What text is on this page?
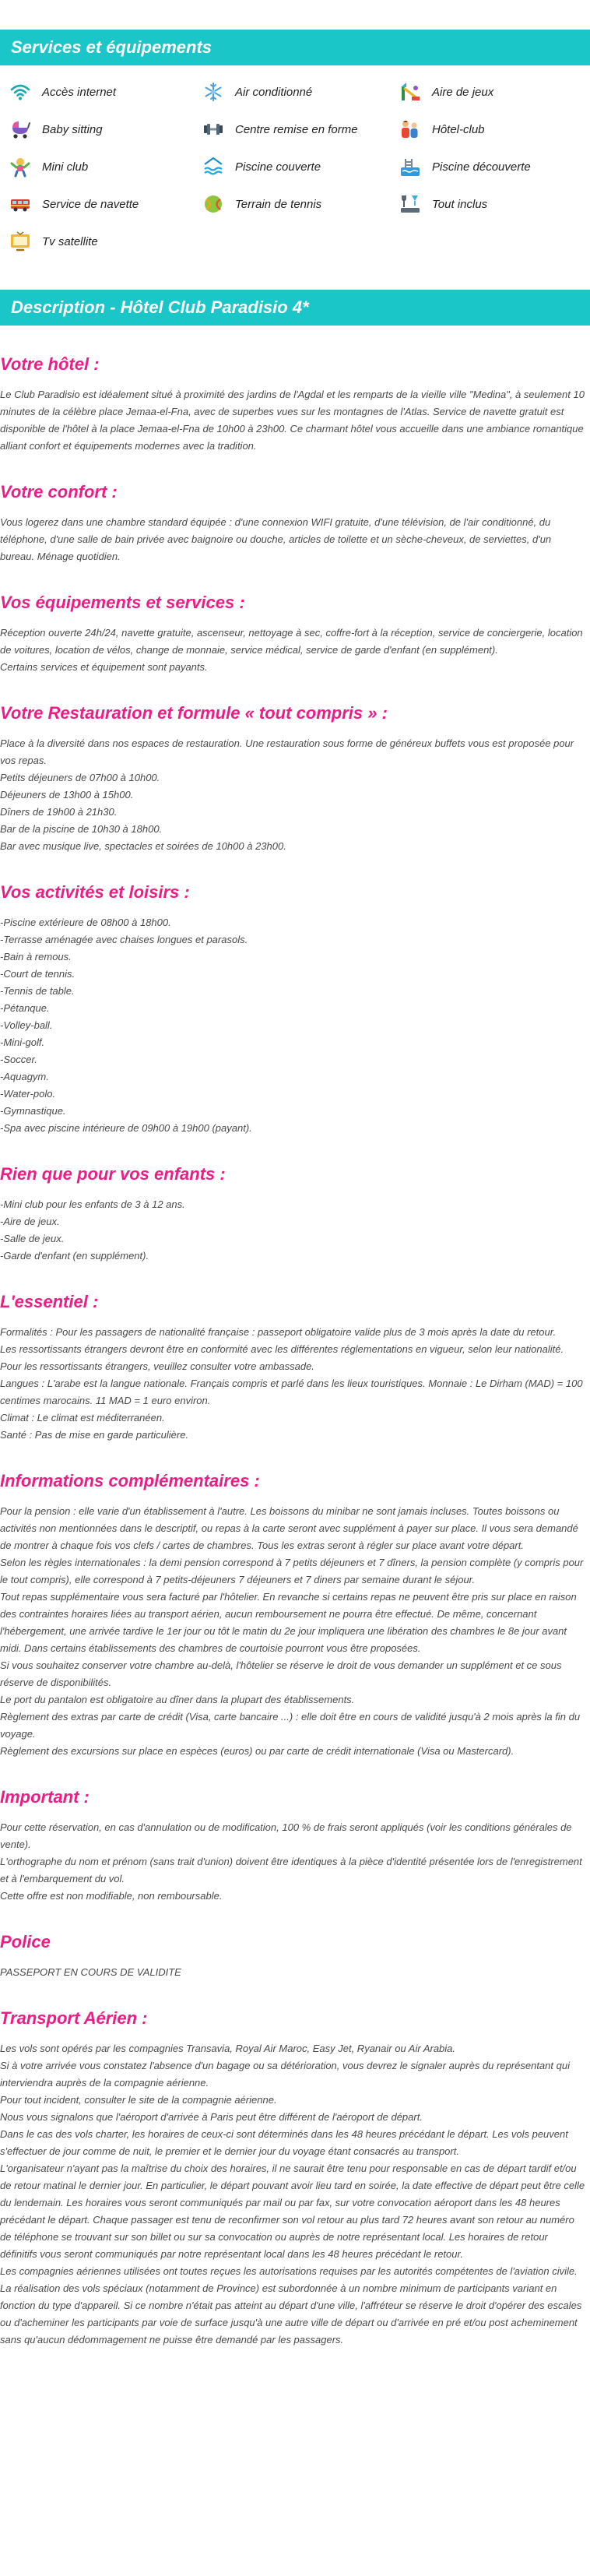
Services et équipements
Accès internet	Air conditionné	Aire de jeux
Baby sitting	Centre remise en forme	Hôtel-club
Mini club	Piscine couverte	Piscine découverte
Service de navette	Terrain de tennis	Tout inclus
Tv satellite
Description - Hôtel Club Paradisio 4*
Votre hôtel :
Le Club Paradisio est idéalement situé à proximité des jardins de l'Agdal et les remparts de la vieille ville "Medina", à seulement 10 minutes de la célèbre place Jemaa-el-Fna, avec de superbes vues sur les montagnes de l'Atlas. Service de navette gratuit est disponible de l'hôtel à la place Jemaa-el-Fna de 10h00 à 23h00. Ce charmant hôtel vous accueille dans une ambiance romantique alliant confort et équipements modernes avec la tradition.
Votre confort :
Vous logerez dans une chambre standard équipée : d'une connexion WIFI gratuite, d'une télévision, de l'air conditionné, du téléphone, d'une salle de bain privée avec baignoire ou douche, articles de toilette et un sèche-cheveux, de serviettes, d'un bureau. Ménage quotidien.
Vos équipements et services :
Réception ouverte 24h/24, navette gratuite, ascenseur, nettoyage à sec, coffre-fort à la réception, service de conciergerie, location de voitures, location de vélos, change de monnaie, service médical, service de garde d'enfant (en supplément).
Certains services et équipement sont payants.
Votre Restauration et formule « tout compris » :
Place à la diversité dans nos espaces de restauration. Une restauration sous forme de généreux buffets vous est proposée pour vos repas.
Petits déjeuners de 07h00 à 10h00.
Déjeuners de 13h00 à 15h00.
Dîners de 19h00 à 21h30.
Bar de la piscine de 10h30 à 18h00.
Bar avec musique live, spectacles et soirées de 10h00 à 23h00.
Vos activités et loisirs :
-Piscine extérieure de 08h00 à 18h00.
-Terrasse aménagée avec chaises longues et parasols.
-Bain à remous.
-Court de tennis.
-Tennis de table.
-Pétanque.
-Volley-ball.
-Mini-golf.
-Soccer.
-Aquagym.
-Water-polo.
-Gymnastique.
-Spa avec piscine intérieure de 09h00 à 19h00 (payant).
Rien que pour vos enfants :
-Mini club pour les enfants de 3 à 12 ans.
-Aire de jeux.
-Salle de jeux.
-Garde d'enfant (en supplément).
L'essentiel :
Formalités : Pour les passagers de nationalité française : passeport obligatoire valide plus de 3 mois après la date du retour.
Les ressortissants étrangers devront être en conformité avec les différentes réglementations en vigueur, selon leur nationalité.
Pour les ressortissants étrangers, veuillez consulter votre ambassade.
Langues : L'arabe est la langue nationale. Français compris et parlé dans les lieux touristiques. Monnaie : Le Dirham (MAD) = 100 centimes marocains. 11 MAD = 1 euro environ.
Climat : Le climat est méditerranéen.
Santé : Pas de mise en garde particulière.
Informations complémentaires :
Pour la pension : elle varie d'un établissement à l'autre. Les boissons du minibar ne sont jamais incluses. Toutes boissons ou activités non mentionnées dans le descriptif, ou repas à la carte seront avec supplément à payer sur place. Il vous sera demandé de montrer à chaque fois vos clefs / cartes de chambres. Tous les extras seront à régler sur place avant votre départ.
Selon les règles internationales : la demi pension correspond à 7 petits déjeuners et 7 dîners, la pension complète (y compris pour le tout compris), elle correspond à 7 petits-déjeuners 7 déjeuners et 7 diners par semaine durant le séjour.
Tout repas supplémentaire vous sera facturé par l'hôtelier. En revanche si certains repas ne peuvent être pris sur place en raison des contraintes horaires liées au transport aérien, aucun remboursement ne pourra être effectué. De même, concernant l'hébergement, une arrivée tardive le 1er jour ou tôt le matin du 2e jour impliquera une libération des chambres le 8e jour avant midi. Dans certains établissements des chambres de courtoisie pourront vous être proposées.
Si vous souhaitez conserver votre chambre au-delà, l'hôtelier se réserve le droit de vous demander un supplément et ce sous réserve de disponibilités.
Le port du pantalon est obligatoire au dîner dans la plupart des établissements.
Règlement des extras par carte de crédit (Visa, carte bancaire ...) : elle doit être en cours de validité jusqu'à 2 mois après la fin du voyage.
Règlement des excursions sur place en espèces (euros) ou par carte de crédit internationale (Visa ou Mastercard).
Important :
Pour cette réservation, en cas d'annulation ou de modification, 100 % de frais seront appliqués (voir les conditions générales de vente).
L'orthographe du nom et prénom (sans trait d'union) doivent être identiques à la pièce d'identité présentée lors de l'enregistrement et à l'embarquement du vol.
Cette offre est non modifiable, non remboursable.
Police
PASSEPORT EN COURS DE VALIDITE
Transport Aérien :
Les vols sont opérés par les compagnies Transavia, Royal Air Maroc, Easy Jet, Ryanair ou Air Arabia.
Si à votre arrivée vous constatez l'absence d'un bagage ou sa détérioration, vous devrez le signaler auprès du représentant qui interviendra auprès de la compagnie aérienne.
Pour tout incident, consulter le site de la compagnie aérienne.
Nous vous signalons que l'aéroport d'arrivée à Paris peut être différent de l'aéroport de départ.
Dans le cas des vols charter, les horaires de ceux-ci sont déterminés dans les 48 heures précédant le départ. Les vols peuvent s'effectuer de jour comme de nuit, le premier et le dernier jour du voyage étant consacrés au transport.
L'organisateur n'ayant pas la maîtrise du choix des horaires, il ne saurait être tenu pour responsable en cas de départ tardif et/ou de retour matinal le dernier jour. En particulier, le départ pouvant avoir lieu tard en soirée, la date effective de départ peut être celle du lendemain. Les horaires vous seront communiqués par mail ou par fax, sur votre convocation aéroport dans les 48 heures précédant le départ. Chaque passager est tenu de reconfirmer son vol retour au plus tard 72 heures avant son retour au numéro de téléphone se trouvant sur son billet ou sur sa convocation ou auprès de notre représentant local. Les horaires de retour définitifs vous seront communiqués par notre représentant local dans les 48 heures précédant le retour.
Les compagnies aériennes utilisées ont toutes reçues les autorisations requises par les autorités compétentes de l'aviation civile.
La réalisation des vols spéciaux (notamment de Province) est subordonnée à un nombre minimum de participants variant en fonction du type d'appareil. Si ce nombre n'était pas atteint au départ d'une ville, l'affréteur se réserve le droit d'opérer des escales ou d'acheminer les participants par voie de surface jusqu'à une autre ville de départ ou d'arrivée en pré et/ou post acheminement sans qu'aucun dédommagement ne puisse être demandé par les passagers.
